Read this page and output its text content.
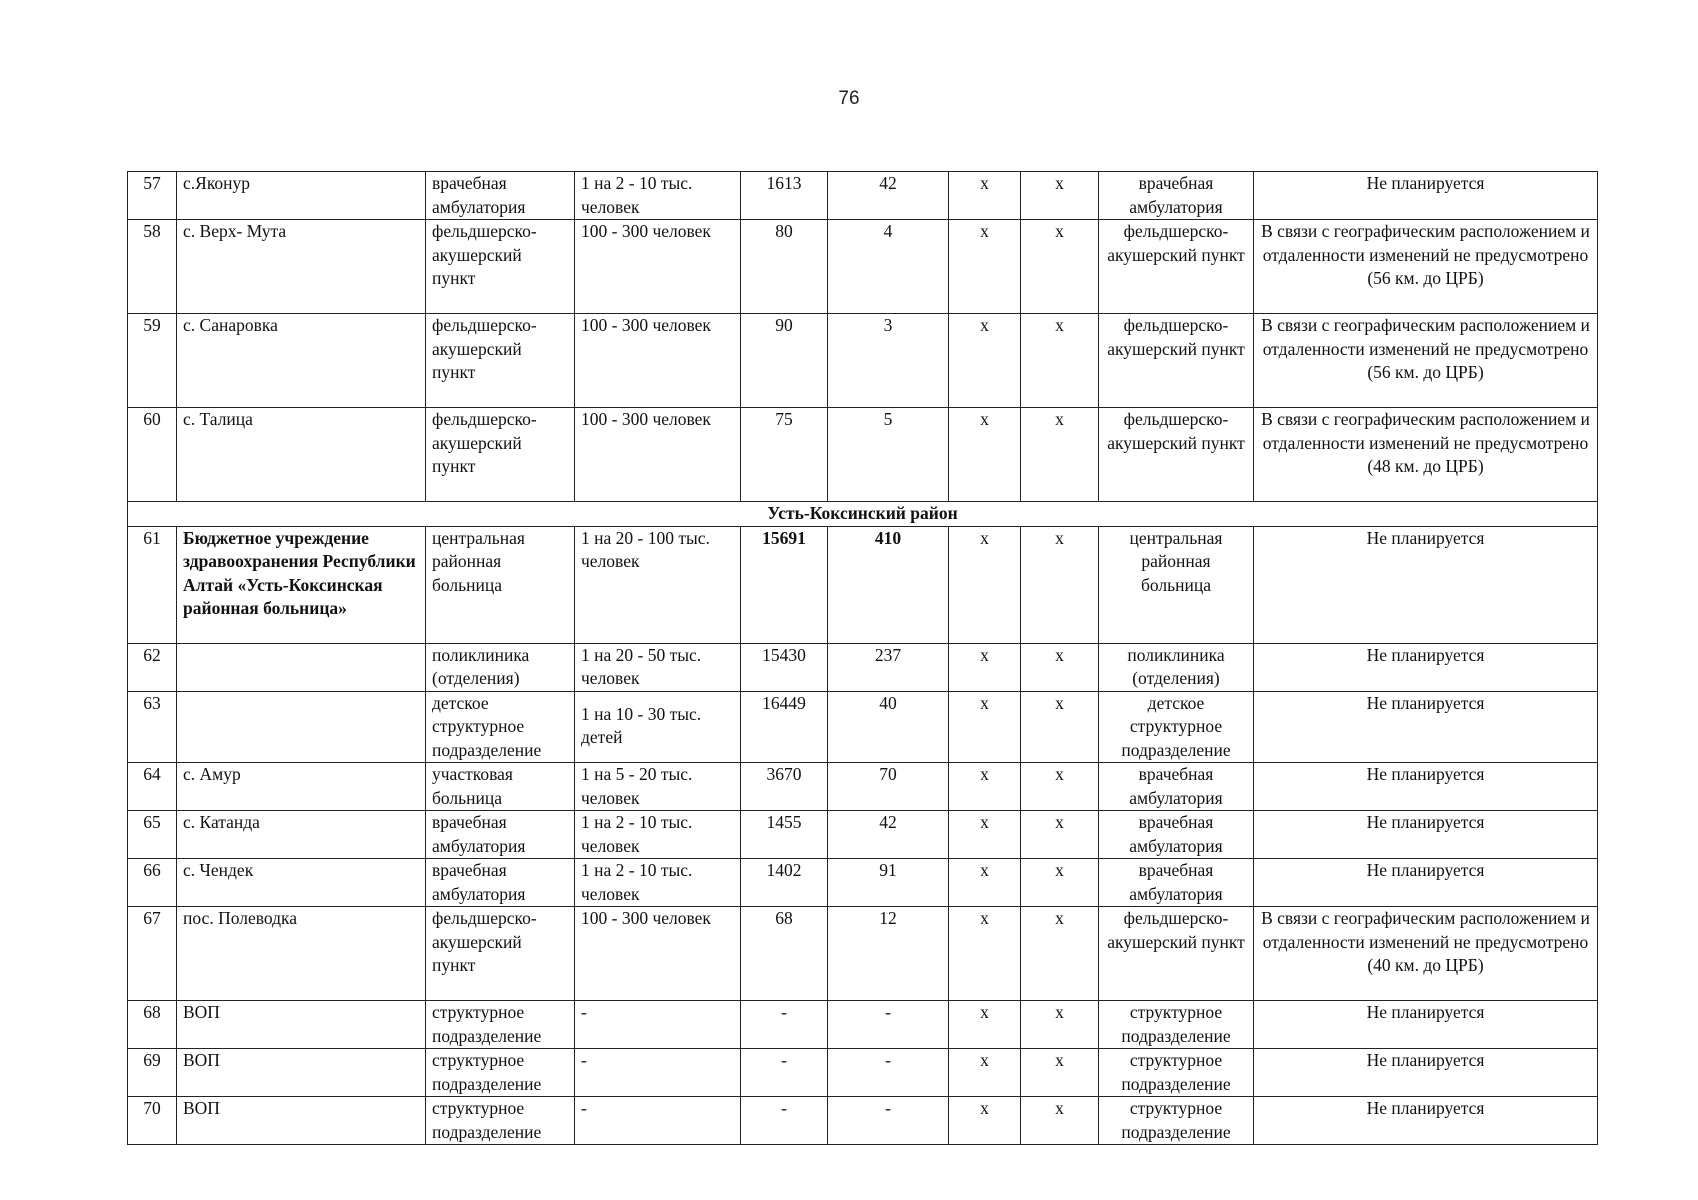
76
57	с.Яконур	врачебная амбулатория	1 на 2 - 10 тыс. человек	1613	42	х	х	врачебная амбулатория	Не планируется
58	с. Верх- Мута	фельдшерско-акушерский пункт	100 - 300 человек	80	4	х	х	фельдшерско-акушерский пункт	В связи с географическим расположением и отдаленности изменений не предусмотрено (56 км. до ЦРБ)
59	с. Санаровка	фельдшерско-акушерский пункт	100 - 300 человек	90	3	х	х	фельдшерско-акушерский пункт	В связи с географическим расположением и отдаленности изменений не предусмотрено (56 км. до ЦРБ)
60	с. Талица	фельдшерско-акушерский пункт	100 - 300 человек	75	5	х	х	фельдшерско-акушерский пункт	В связи с географическим расположением и отдаленности изменений не предусмотрено (48 км. до ЦРБ)
Усть-Коксинский район									
61	Бюджетное учреждение здравоохранения Республики Алтай «Усть-Коксинская районная больница»	центральная районная больница	1 на 20 - 100 тыс. человек	15691	410	х	х	центральная районная больница	Не планируется
62		поликлиника (отделения)	1 на 20 - 50 тыс. человек	15430	237	х	х	поликлиника (отделения)	Не планируется
63		детское структурное подразделение	1 на 10 - 30 тыс. детей	16449	40	х	х	детское структурное подразделение	Не планируется
64	с. Амур	участковая больница	1 на 5 - 20 тыс. человек	3670	70	х	х	врачебная амбулатория	Не планируется
65	с. Катанда	врачебная амбулатория	1 на 2 - 10 тыс. человек	1455	42	х	х	врачебная амбулатория	Не планируется
66	с. Чендек	врачебная амбулатория	1 на 2 - 10 тыс. человек	1402	91	х	х	врачебная амбулатория	Не планируется
67	пос. Полеводка	фельдшерско-акушерский пункт	100 - 300 человек	68	12	х	х	фельдшерско-акушерский пункт	В связи с географическим расположением и отдаленности изменений не предусмотрено (40 км. до ЦРБ)
68	ВОП	структурное подразделение	-	-	-	х	х	структурное подразделение	Не планируется
69	ВОП	структурное подразделение	-	-	-	х	х	структурное подразделение	Не планируется
70	ВОП	структурное подразделение	-	-	-	х	х	структурное подразделение	Не планируется
